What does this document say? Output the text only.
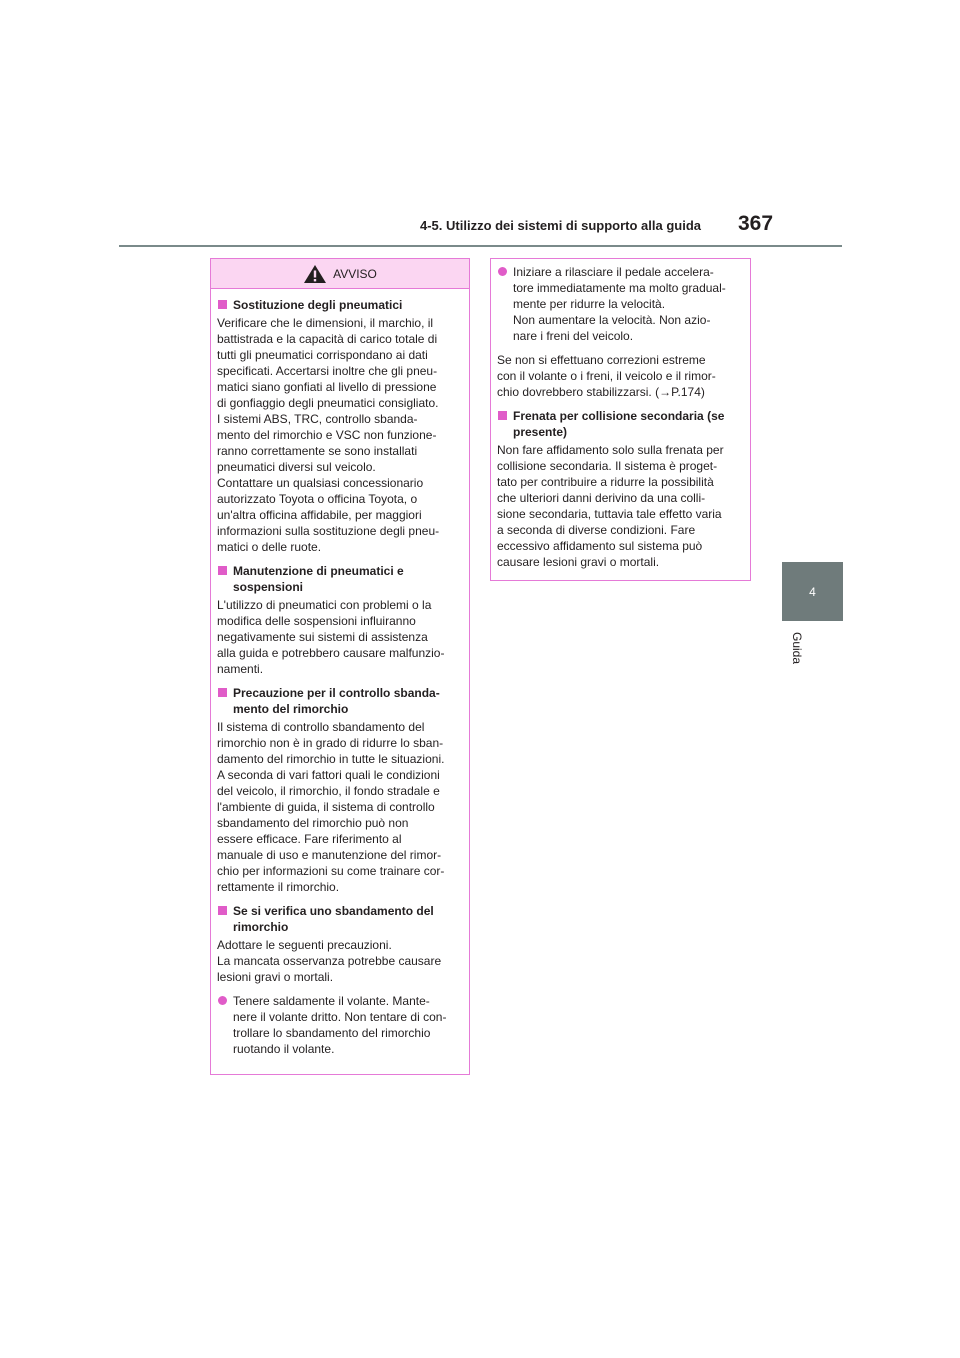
4-5. Utilizzo dei sistemi di supporto alla guida 367
4
Guida
AVVISO
Sostituzione degli pneumatici
Verificare che le dimensioni, il marchio, il
battistrada e la capacità di carico totale di
tutti gli pneumatici corrispondano ai dati
specificati. Accertarsi inoltre che gli pneu-
matici siano gonfiati al livello di pressione
di gonfiaggio degli pneumatici consigliato.
I sistemi ABS, TRC, controllo sbanda-
mento del rimorchio e VSC non funzione-
ranno correttamente se sono installati
pneumatici diversi sul veicolo.
Contattare un qualsiasi concessionario
autorizzato Toyota o officina Toyota, o
un'altra officina affidabile, per maggiori
informazioni sulla sostituzione degli pneu-
matici o delle ruote.
Manutenzione di pneumatici e
sospensioni
L'utilizzo di pneumatici con problemi o la
modifica delle sospensioni influiranno
negativamente sui sistemi di assistenza
alla guida e potrebbero causare malfunzio-
namenti.
Precauzione per il controllo sbanda-
mento del rimorchio
Il sistema di controllo sbandamento del
rimorchio non è in grado di ridurre lo sban-
damento del rimorchio in tutte le situazioni.
A seconda di vari fattori quali le condizioni
del veicolo, il rimorchio, il fondo stradale e
l'ambiente di guida, il sistema di controllo
sbandamento del rimorchio può non
essere efficace. Fare riferimento al
manuale di uso e manutenzione del rimor-
chio per informazioni su come trainare cor-
rettamente il rimorchio.
Se si verifica uno sbandamento del
rimorchio
Adottare le seguenti precauzioni.
La mancata osservanza potrebbe causare
lesioni gravi o mortali.
Tenere saldamente il volante. Mante-
nere il volante dritto. Non tentare di con-
trollare lo sbandamento del rimorchio
ruotando il volante.
Iniziare a rilasciare il pedale accelera-
tore immediatamente ma molto gradual-
mente per ridurre la velocità.
Non aumentare la velocità. Non azio-
nare i freni del veicolo.
Se non si effettuano correzioni estreme
con il volante o i freni, il veicolo e il rimor-
chio dovrebbero stabilizzarsi. (→P.174)
Frenata per collisione secondaria (se
presente)
Non fare affidamento solo sulla frenata per
collisione secondaria. Il sistema è proget-
tato per contribuire a ridurre la possibilità
che ulteriori danni derivino da una colli-
sione secondaria, tuttavia tale effetto varia
a seconda di diverse condizioni. Fare
eccessivo affidamento sul sistema può
causare lesioni gravi o mortali.
